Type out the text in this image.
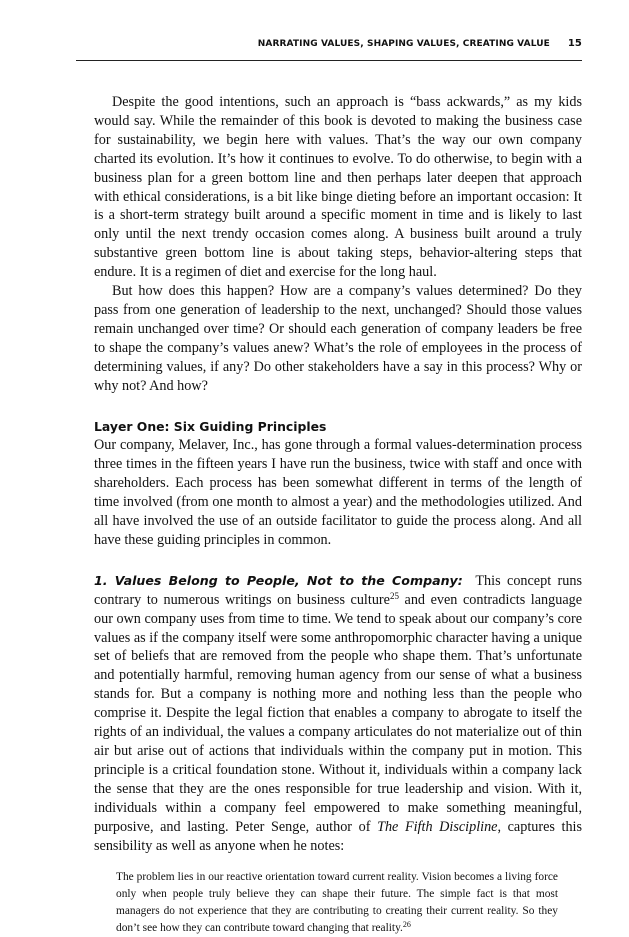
NARRATING VALUES, SHAPING VALUES, CREATING VALUE 15

Despite the good intentions, such an approach is “bass ackwards,” as my kids would say. While the remainder of this book is devoted to making the business case for sustainability, we begin here with values. That’s the way our own company charted its evolution. It’s how it continues to evolve. To do otherwise, to begin with a business plan for a green bottom line and then perhaps later deepen that approach with ethical considerations, is a bit like binge dieting before an important occasion: It is a short-term strategy built around a specific moment in time and is likely to last only until the next trendy occasion comes along. A business built around a truly substantive green bottom line is about taking steps, behavior-altering steps that endure. It is a regimen of diet and exercise for the long haul.

But how does this happen? How are a company’s values determined? Do they pass from one generation of leadership to the next, unchanged? Should those values remain unchanged over time? Or should each generation of company leaders be free to shape the company’s values anew? What’s the role of employees in the process of determining values, if any? Do other stakeholders have a say in this process? Why or why not? And how?

Layer One: Six Guiding Principles

Our company, Melaver, Inc., has gone through a formal values-determination process three times in the fifteen years I have run the business, twice with staff and once with shareholders. Each process has been somewhat different in terms of the length of time involved (from one month to almost a year) and the methodologies utilized. And all have involved the use of an outside facilitator to guide the process along. And all have these guiding principles in common.

1. Values Belong to People, Not to the Company: This concept runs contrary to numerous writings on business culture$^{25}$ and even contradicts language our own company uses from time to time. We tend to speak about our company’s core values as if the company itself were some anthropomorphic character having a unique set of beliefs that are removed from the people who shape them. That’s unfortunate and potentially harmful, removing human agency from our sense of what a business stands for. But a company is nothing more and nothing less than the people who comprise it. Despite the legal fiction that enables a company to abrogate to itself the rights of an individual, the values a company articulates do not materialize out of thin air but arise out of actions that individuals within the company put in motion. This principle is a critical foundation stone. Without it, individuals within a company lack the sense that they are the ones responsible for true leadership and vision. With it, individuals within a company feel empowered to make something meaningful, purposive, and lasting. Peter Senge, author of The Fifth Discipline, captures this sensibility as well as anyone when he notes:

The problem lies in our reactive orientation toward current reality. Vision becomes a living force only when people truly believe they can shape their future. The simple fact is that most managers do not experience that they are contributing to creating their current reality. So they don’t see how they can contribute toward changing that reality.$^{26}$
